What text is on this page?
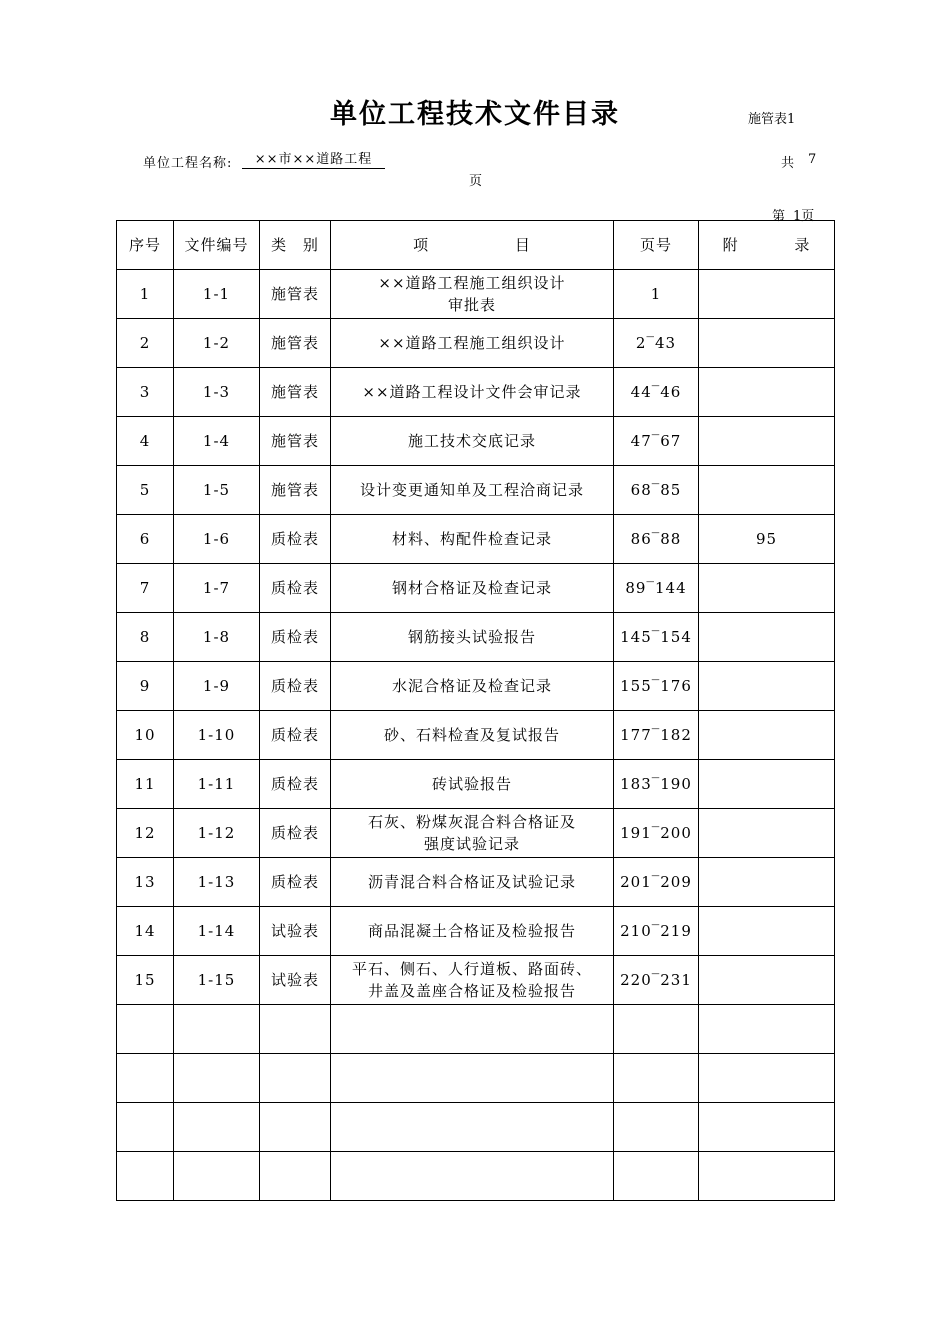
单位工程技术文件目录	施管表1
单位工程名称:	××市××道路工程	共 7
页
第 1页
序号	文件编号	类 别	项 目	页号	附 录
1	1-1	施管表	××道路工程施工组织设计
审批表	1	
2	1-2	施管表	××道路工程施工组织设计	2‾43	
3	1-3	施管表	××道路工程设计文件会审记录	44‾46	
4	1-4	施管表	施工技术交底记录	47‾67	
5	1-5	施管表	设计变更通知单及工程洽商记录	68‾85	
6	1-6	质检表	材料、构配件检查记录	86‾88	95
7	1-7	质检表	钢材合格证及检查记录	89‾144	
8	1-8	质检表	钢筋接头试验报告	145‾154	
9	1-9	质检表	水泥合格证及检查记录	155‾176	
10	1-10	质检表	砂、石料检查及复试报告	177‾182	
11	1-11	质检表	砖试验报告	183‾190	
12	1-12	质检表	石灰、粉煤灰混合料合格证及
强度试验记录	191‾200	
13	1-13	质检表	沥青混合料合格证及试验记录	201‾209	
14	1-14	试验表	商品混凝土合格证及检验报告	210‾219	
15	1-15	试验表	平石、侧石、人行道板、路面砖、
井盖及盖座合格证及检验报告	220‾231	
